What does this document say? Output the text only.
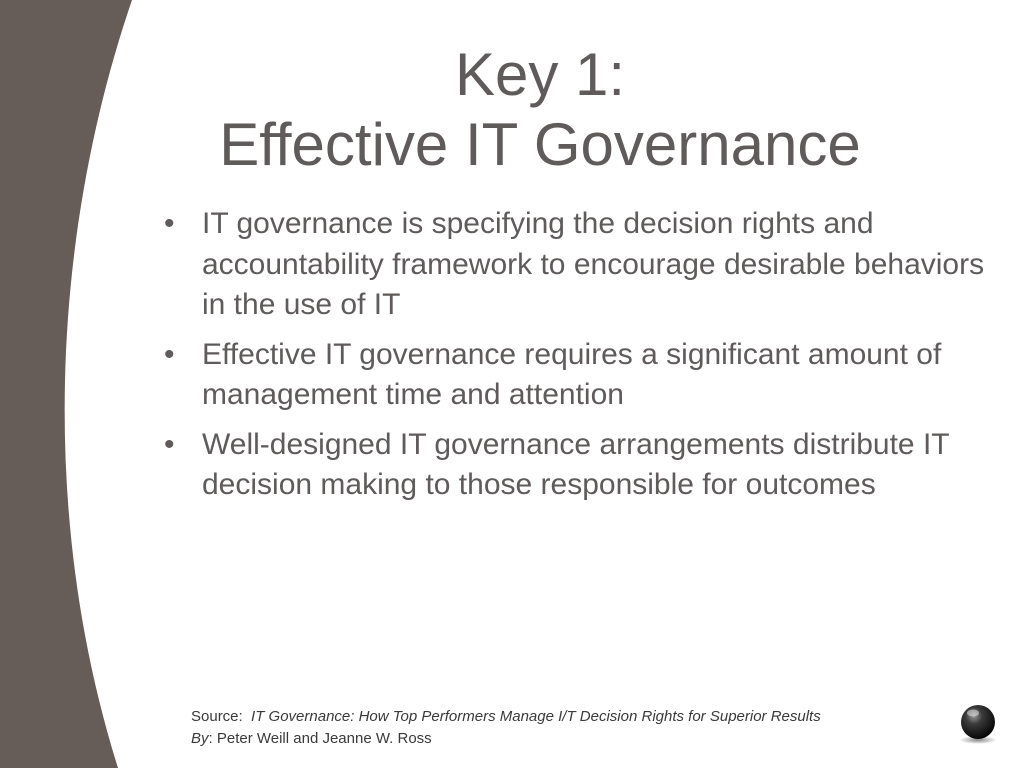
Key 1:
Effective IT Governance
• IT governance is specifying the decision rights and accountability framework to encourage desirable behaviors in the use of IT
• Effective IT governance requires a significant amount of management time and attention
• Well-designed IT governance arrangements distribute IT decision making to those responsible for outcomes
Source: IT Governance: How Top Performers Manage I/T Decision Rights for Superior Results
By: Peter Weill and Jeanne W. Ross
